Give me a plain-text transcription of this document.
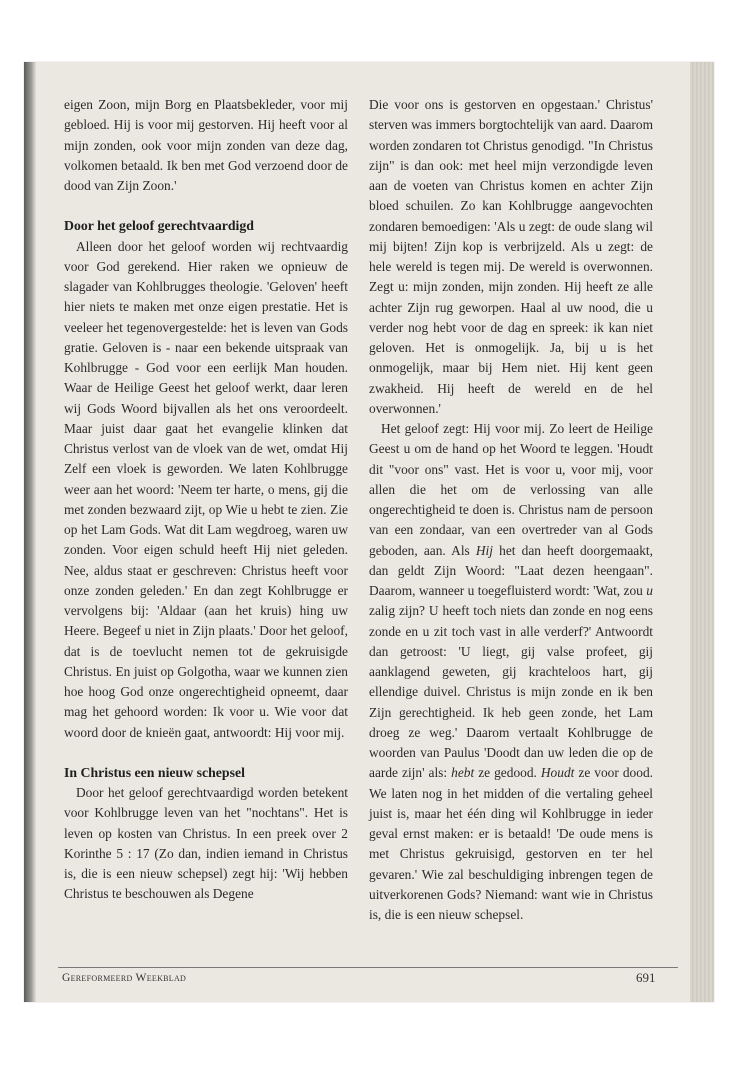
eigen Zoon, mijn Borg en Plaatsbekleder, voor mij gebloed. Hij is voor mij gestorven. Hij heeft voor al mijn zonden, ook voor mijn zonden van deze dag, volkomen betaald. Ik ben met God verzoend door de dood van Zijn Zoon.'

Door het geloof gerechtvaardigd

Alleen door het geloof worden wij rechtvaardig voor God gerekend. Hier raken we opnieuw de slagader van Kohlbrugges theologie. 'Geloven' heeft hier niets te maken met onze eigen prestatie. Het is veeleer het tegenovergestelde: het is leven van Gods gratie. Geloven is - naar een bekende uitspraak van Kohlbrugge - God voor een eerlijk Man houden. Waar de Heilige Geest het geloof werkt, daar leren wij Gods Woord bijvallen als het ons veroordeelt. Maar juist daar gaat het evangelie klinken dat Christus verlost van de vloek van de wet, omdat Hij Zelf een vloek is geworden. We laten Kohlbrugge weer aan het woord: 'Neem ter harte, o mens, gij die met zonden bezwaard zijt, op Wie u hebt te zien. Zie op het Lam Gods. Wat dit Lam wegdroeg, waren uw zonden. Voor eigen schuld heeft Hij niet geleden. Nee, aldus staat er geschreven: Christus heeft voor onze zonden geleden.' En dan zegt Kohlbrugge er vervolgens bij: 'Aldaar (aan het kruis) hing uw Heere. Begeef u niet in Zijn plaats.' Door het geloof, dat is de toevlucht nemen tot de gekruisigde Christus. En juist op Golgotha, waar we kunnen zien hoe hoog God onze ongerechtigheid opneemt, daar mag het gehoord worden: Ik voor u. Wie voor dat woord door de knieën gaat, antwoordt: Hij voor mij.

In Christus een nieuw schepsel

Door het geloof gerechtvaardigd worden betekent voor Kohlbrugge leven van het "nochtans". Het is leven op kosten van Christus. In een preek over 2 Korinthe 5 : 17 (Zo dan, indien iemand in Christus is, die is een nieuw schepsel) zegt hij: 'Wij hebben Christus te beschouwen als Degene

Die voor ons is gestorven en opgestaan.' Christus' sterven was immers borgtochtelijk van aard. Daarom worden zondaren tot Christus genodigd. "In Christus zijn" is dan ook: met heel mijn verzondigde leven aan de voeten van Christus komen en achter Zijn bloed schuilen. Zo kan Kohlbrugge aangevochten zondaren bemoedigen: 'Als u zegt: de oude slang wil mij bijten! Zijn kop is verbrijzeld. Als u zegt: de hele wereld is tegen mij. De wereld is overwonnen. Zegt u: mijn zonden, mijn zonden. Hij heeft ze alle achter Zijn rug geworpen. Haal al uw nood, die u verder nog hebt voor de dag en spreek: ik kan niet geloven. Het is onmogelijk. Ja, bij u is het onmogelijk, maar bij Hem niet. Hij kent geen zwakheid. Hij heeft de wereld en de hel overwonnen.'

Het geloof zegt: Hij voor mij. Zo leert de Heilige Geest u om de hand op het Woord te leggen. 'Houdt dit "voor ons" vast. Het is voor u, voor mij, voor allen die het om de verlossing van alle ongerechtigheid te doen is. Christus nam de persoon van een zondaar, van een overtreder van al Gods geboden, aan. Als Hij het dan heeft doorgemaakt, dan geldt Zijn Woord: "Laat dezen heengaan". Daarom, wanneer u toegefluisterd wordt: 'Wat, zou u zalig zijn? U heeft toch niets dan zonde en nog eens zonde en u zit toch vast in alle verderf?' Antwoordt dan getroost: 'U liegt, gij valse profeet, gij aanklagend geweten, gij krachteloos hart, gij ellendige duivel. Christus is mijn zonde en ik ben Zijn gerechtigheid. Ik heb geen zonde, het Lam droeg ze weg.' Daarom vertaalt Kohlbrugge de woorden van Paulus 'Doodt dan uw leden die op de aarde zijn' als: hebt ze gedood. Houdt ze voor dood. We laten nog in het midden of die vertaling geheel juist is, maar het één ding wil Kohlbrugge in ieder geval ernst maken: er is betaald! 'De oude mens is met Christus gekruisigd, gestorven en ter hel gevaren.' Wie zal beschuldiging inbrengen tegen de uitverkorenen Gods? Niemand: want wie in Christus is, die is een nieuw schepsel.

Gereformeerd Weekblad	691
